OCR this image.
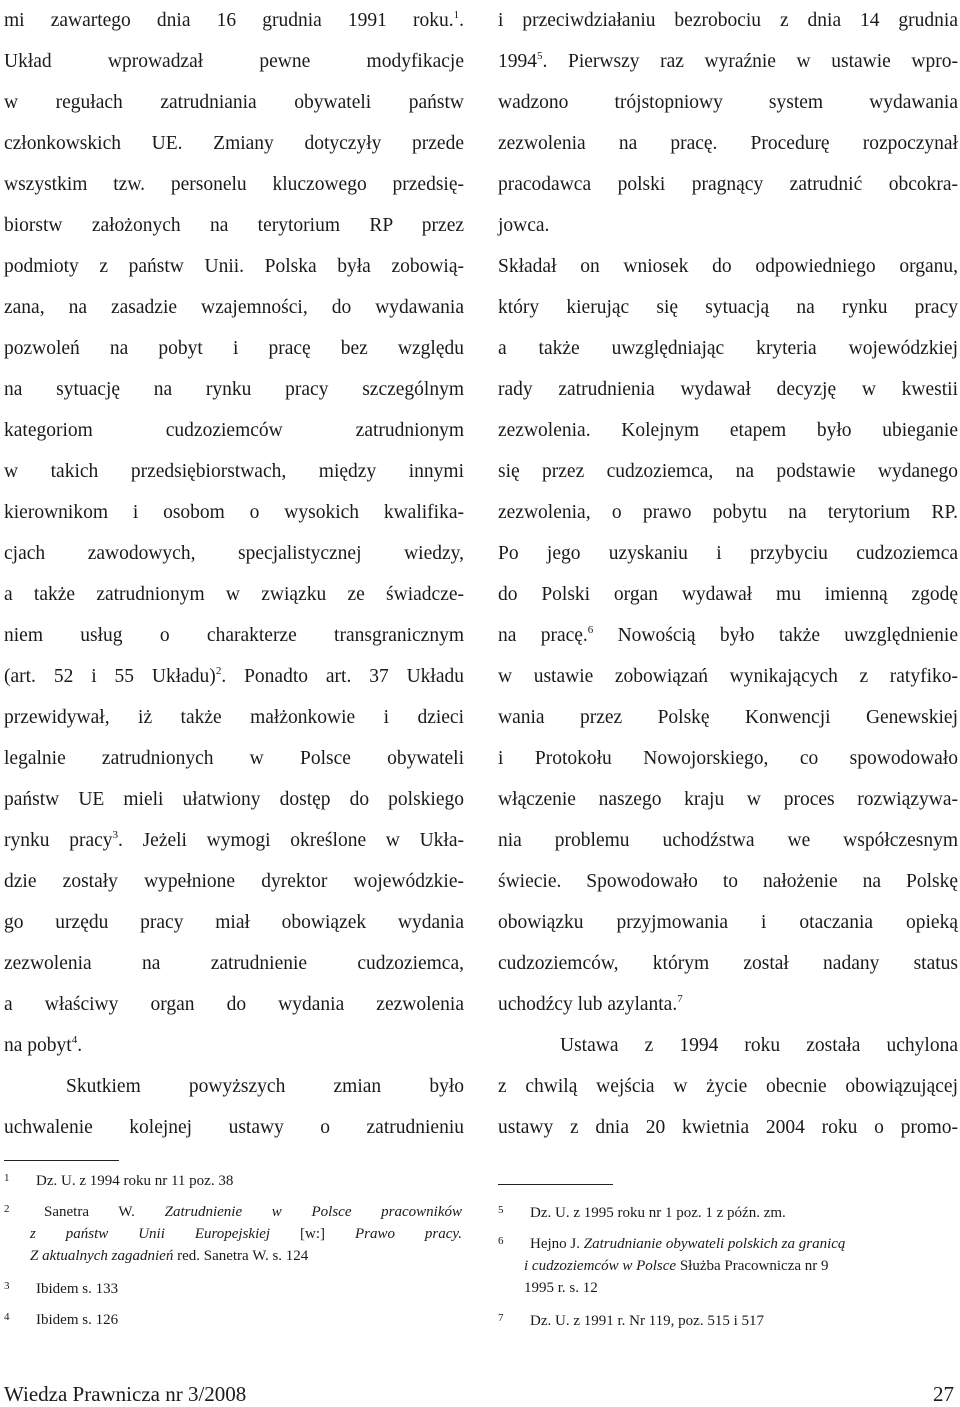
mi zawartego dnia 16 grudnia 1991 roku.$^1$.
Układ wprowadzał pewne modyfikacje
w regułach zatrudniania obywateli państw
członkowskich UE. Zmiany dotyczyły przede
wszystkim tzw. personelu kluczowego przedsię-
biorstw założonych na terytorium RP przez
podmioty z państw Unii. Polska była zobowią-
zana, na zasadzie wzajemności, do wydawania
pozwoleń na pobyt i pracę bez względu
na sytuację na rynku pracy szczególnym
kategoriom cudzoziemców zatrudnionym
w takich przedsiębiorstwach, między innymi
kierownikom i osobom o wysokich kwalifika-
cjach zawodowych, specjalistycznej wiedzy,
a także zatrudnionym w związku ze świadcze-
niem usług o charakterze transgranicznym
(art. 52 i 55 Układu)$^2$. Ponadto art. 37 Układu
przewidywał, iż także małżonkowie i dzieci
legalnie zatrudnionych w Polsce obywateli
państw UE mieli ułatwiony dostęp do polskiego
rynku pracy$^3$. Jeżeli wymogi określone w Ukła-
dzie zostały wypełnione dyrektor wojewódzkie-
go urzędu pracy miał obowiązek wydania
zezwolenia na zatrudnienie cudzoziemca,
a właściwy organ do wydania zezwolenia
na pobyt$^4$.
Skutkiem powyższych zmian było
uchwalenie kolejnej ustawy o zatrudnieniu
i przeciwdziałaniu bezrobociu z dnia 14 grudnia
1994$^5$. Pierwszy raz wyraźnie w ustawie wpro-
wadzono trójstopniowy system wydawania
zezwolenia na pracę. Procedurę rozpoczynał
pracodawca polski pragnący zatrudnić obcokra-
jowca.
Składał on wniosek do odpowiedniego organu,
który kierując się sytuacją na rynku pracy
a także uwzględniając kryteria wojewódzkiej
rady zatrudnienia wydawał decyzję w kwestii
zezwolenia. Kolejnym etapem było ubieganie
się przez cudzoziemca, na podstawie wydanego
zezwolenia, o prawo pobytu na terytorium RP.
Po jego uzyskaniu i przybyciu cudzoziemca
do Polski organ wydawał mu imienną zgodę
na pracę.$^6$ Nowością było także uwzględnienie
w ustawie zobowiązań wynikających z ratyfiko-
wania przez Polskę Konwencji Genewskiej
i Protokołu Nowojorskiego, co spowodowało
włączenie naszego kraju w proces rozwiązywa-
nia problemu uchodźstwa we współczesnym
świecie. Spowodowało to nałożenie na Polskę
obowiązku przyjmowania i otaczania opieką
cudzoziemców, którym został nadany status
uchodźcy lub azylanta.$^7$
Ustawa z 1994 roku została uchylona
z chwilą wejścia w życie obecnie obowiązującej
ustawy z dnia 20 kwietnia 2004 roku o promo-
1 Dz. U. z 1994 roku nr 11 poz. 38
2 Sanetra W. Zatrudnienie w Polsce pracowników
z państw Unii Europejskiej [w:] Prawo pracy.
Z aktualnych zagadnień red. Sanetra W. s. 124
3 Ibidem s. 133
4 Ibidem s. 126
5 Dz. U. z 1995 roku nr 1 poz. 1 z późn. zm.
6 Hejno J. Zatrudnianie obywateli polskich za granicą
i cudzoziemców w Polsce Służba Pracownicza nr 9
1995 r. s. 12
7 Dz. U. z 1991 r. Nr 119, poz. 515 i 517
Wiedza Prawnicza nr 3/2008	27
